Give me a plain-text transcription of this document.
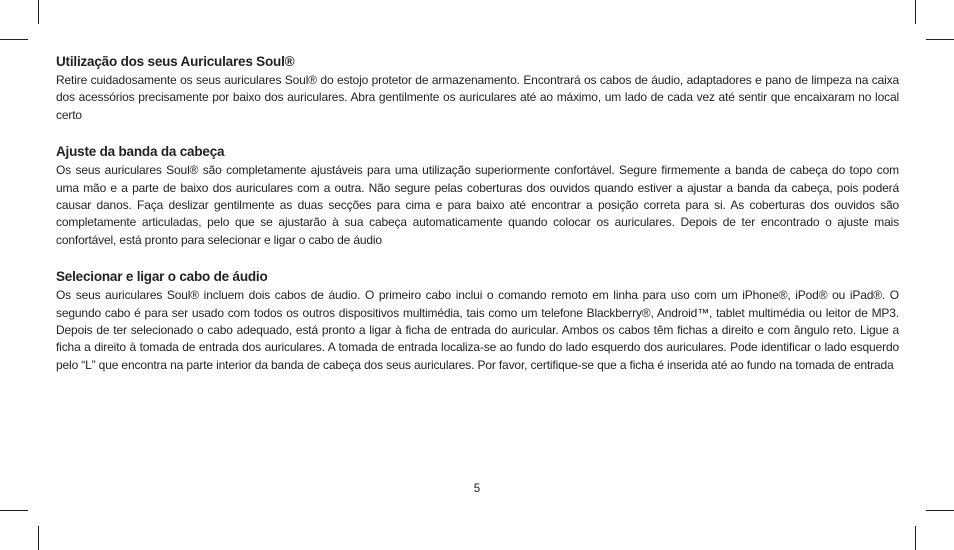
Utilização dos seus Auriculares Soul®

Retire cuidadosamente os seus auriculares Soul® do estojo protetor de armazenamento. Encontrará os cabos de áudio, adaptadores e pano de limpeza na caixa dos acessórios precisamente por baixo dos auriculares. Abra gentilmente os auriculares até ao máximo, um lado de cada vez até sentir que encaixaram no local certo

Ajuste da banda da cabeça

Os seus auriculares Soul® são completamente ajustáveis para uma utilização superiormente confortável. Segure firmemente a banda de cabeça do topo com uma mão e a parte de baixo dos auriculares com a outra. Não segure pelas coberturas dos ouvidos quando estiver a ajustar a banda da cabeça, pois poderá causar danos. Faça deslizar gentilmente as duas secções para cima e para baixo até encontrar a posição correta para si. As coberturas dos ouvidos são completamente articuladas, pelo que se ajustarão à sua cabeça automaticamente quando colocar os auriculares. Depois de ter encontrado o ajuste mais confortável, está pronto para selecionar e ligar o cabo de áudio

Selecionar e ligar o cabo de áudio

Os seus auriculares Soul® incluem dois cabos de áudio. O primeiro cabo inclui o comando remoto em linha para uso com um iPhone®, iPod® ou iPad®. O segundo cabo é para ser usado com todos os outros dispositivos multimédia, tais como um telefone Blackberry®, Android™, tablet multimédia ou leitor de MP3. Depois de ter selecionado o cabo adequado, está pronto a ligar à ficha de entrada do auricular. Ambos os cabos têm fichas a direito e com ângulo reto. Ligue a ficha a direito à tomada de entrada dos auriculares. A tomada de entrada localiza-se ao fundo do lado esquerdo dos auriculares. Pode identificar o lado esquerdo pelo “L” que encontra na parte interior da banda de cabeça dos seus auriculares. Por favor, certifique-se que a ficha é inserida até ao fundo na tomada de entrada

5
